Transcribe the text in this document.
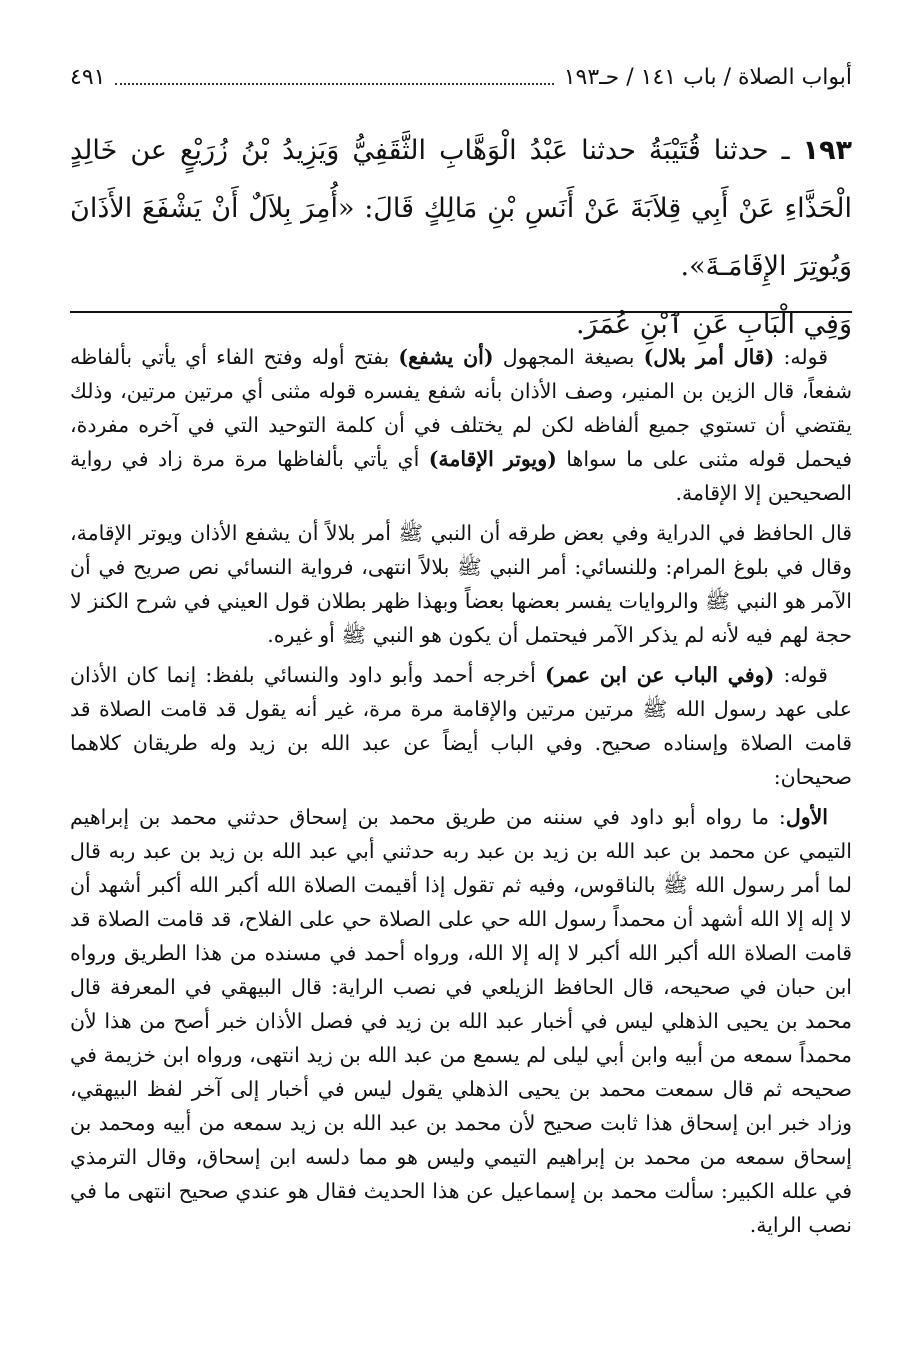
أبواب الصلاة / باب ١٤١ / حـ١٩٣
٤٩١

١٩٣ ـ حدثنا قُتَيْبَةُ حدثنا عَبْدُ الْوَهَّابِ الثَّقَفِيُّ وَيَزِيدُ بْنُ زُرَيْعٍ عن خَالِدٍ الْحَذَّاءِ عَنْ أَبِي قِلاَبَةَ عَنْ أَنَسِ بْنِ مَالِكٍ قَالَ: «أُمِرَ بِلاَلٌ أَنْ يَشْفَعَ الأَذَانَ وَيُوتِرَ الإِقَامَـةَ».

وَفِي الْبَابِ عَنِ ٱبْنِ عُمَرَ.

قوله: (قال أمر بلال) بصيغة المجهول (أن يشفع) بفتح أوله وفتح الفاء أي يأتي بألفاظه شفعاً، قال الزين بن المنير، وصف الأذان بأنه شفع يفسره قوله مثنى أي مرتين مرتين، وذلك يقتضي أن تستوي جميع ألفاظه لكن لم يختلف في أن كلمة التوحيد التي في آخره مفردة، فيحمل قوله مثنى على ما سواها (ويوتر الإقامة) أي يأتي بألفاظها مرة مرة زاد في رواية الصحيحين إلا الإقامة.

قال الحافظ في الدراية وفي بعض طرقه أن النبي ﷺ أمر بلالاً أن يشفع الأذان ويوتر الإقامة، وقال في بلوغ المرام: وللنسائي: أمر النبي ﷺ بلالاً انتهى، فرواية النسائي نص صريح في أن الآمر هو النبي ﷺ والروايات يفسر بعضها بعضاً وبهذا ظهر بطلان قول العيني في شرح الكنز لا حجة لهم فيه لأنه لم يذكر الآمر فيحتمل أن يكون هو النبي ﷺ أو غيره.

قوله: (وفي الباب عن ابن عمر) أخرجه أحمد وأبو داود والنسائي بلفظ: إنما كان الأذان على عهد رسول الله ﷺ مرتين مرتين والإقامة مرة مرة، غير أنه يقول قد قامت الصلاة قد قامت الصلاة وإسناده صحيح. وفي الباب أيضاً عن عبد الله بن زيد وله طريقان كلاهما صحيحان:

الأول: ما رواه أبو داود في سننه من طريق محمد بن إسحاق حدثني محمد بن إبراهيم التيمي عن محمد بن عبد الله بن زيد بن عبد ربه حدثني أبي عبد الله بن زيد بن عبد ربه قال لما أمر رسول الله ﷺ بالناقوس، وفيه ثم تقول إذا أقيمت الصلاة الله أكبر الله أكبر أشهد أن لا إله إلا الله أشهد أن محمداً رسول الله حي على الصلاة حي على الفلاح، قد قامت الصلاة قد قامت الصلاة الله أكبر الله أكبر لا إله إلا الله، ورواه أحمد في مسنده من هذا الطريق ورواه ابن حبان في صحيحه، قال الحافظ الزيلعي في نصب الراية: قال البيهقي في المعرفة قال محمد بن يحيى الذهلي ليس في أخبار عبد الله بن زيد في فصل الأذان خبر أصح من هذا لأن محمداً سمعه من أبيه وابن أبي ليلى لم يسمع من عبد الله بن زيد انتهى، ورواه ابن خزيمة في صحيحه ثم قال سمعت محمد بن يحيى الذهلي يقول ليس في أخبار إلى آخر لفظ البيهقي، وزاد خبر ابن إسحاق هذا ثابت صحيح لأن محمد بن عبد الله بن زيد سمعه من أبيه ومحمد بن إسحاق سمعه من محمد بن إبراهيم التيمي وليس هو مما دلسه ابن إسحاق، وقال الترمذي في علله الكبير: سألت محمد بن إسماعيل عن هذا الحديث فقال هو عندي صحيح انتهى ما في نصب الراية.
